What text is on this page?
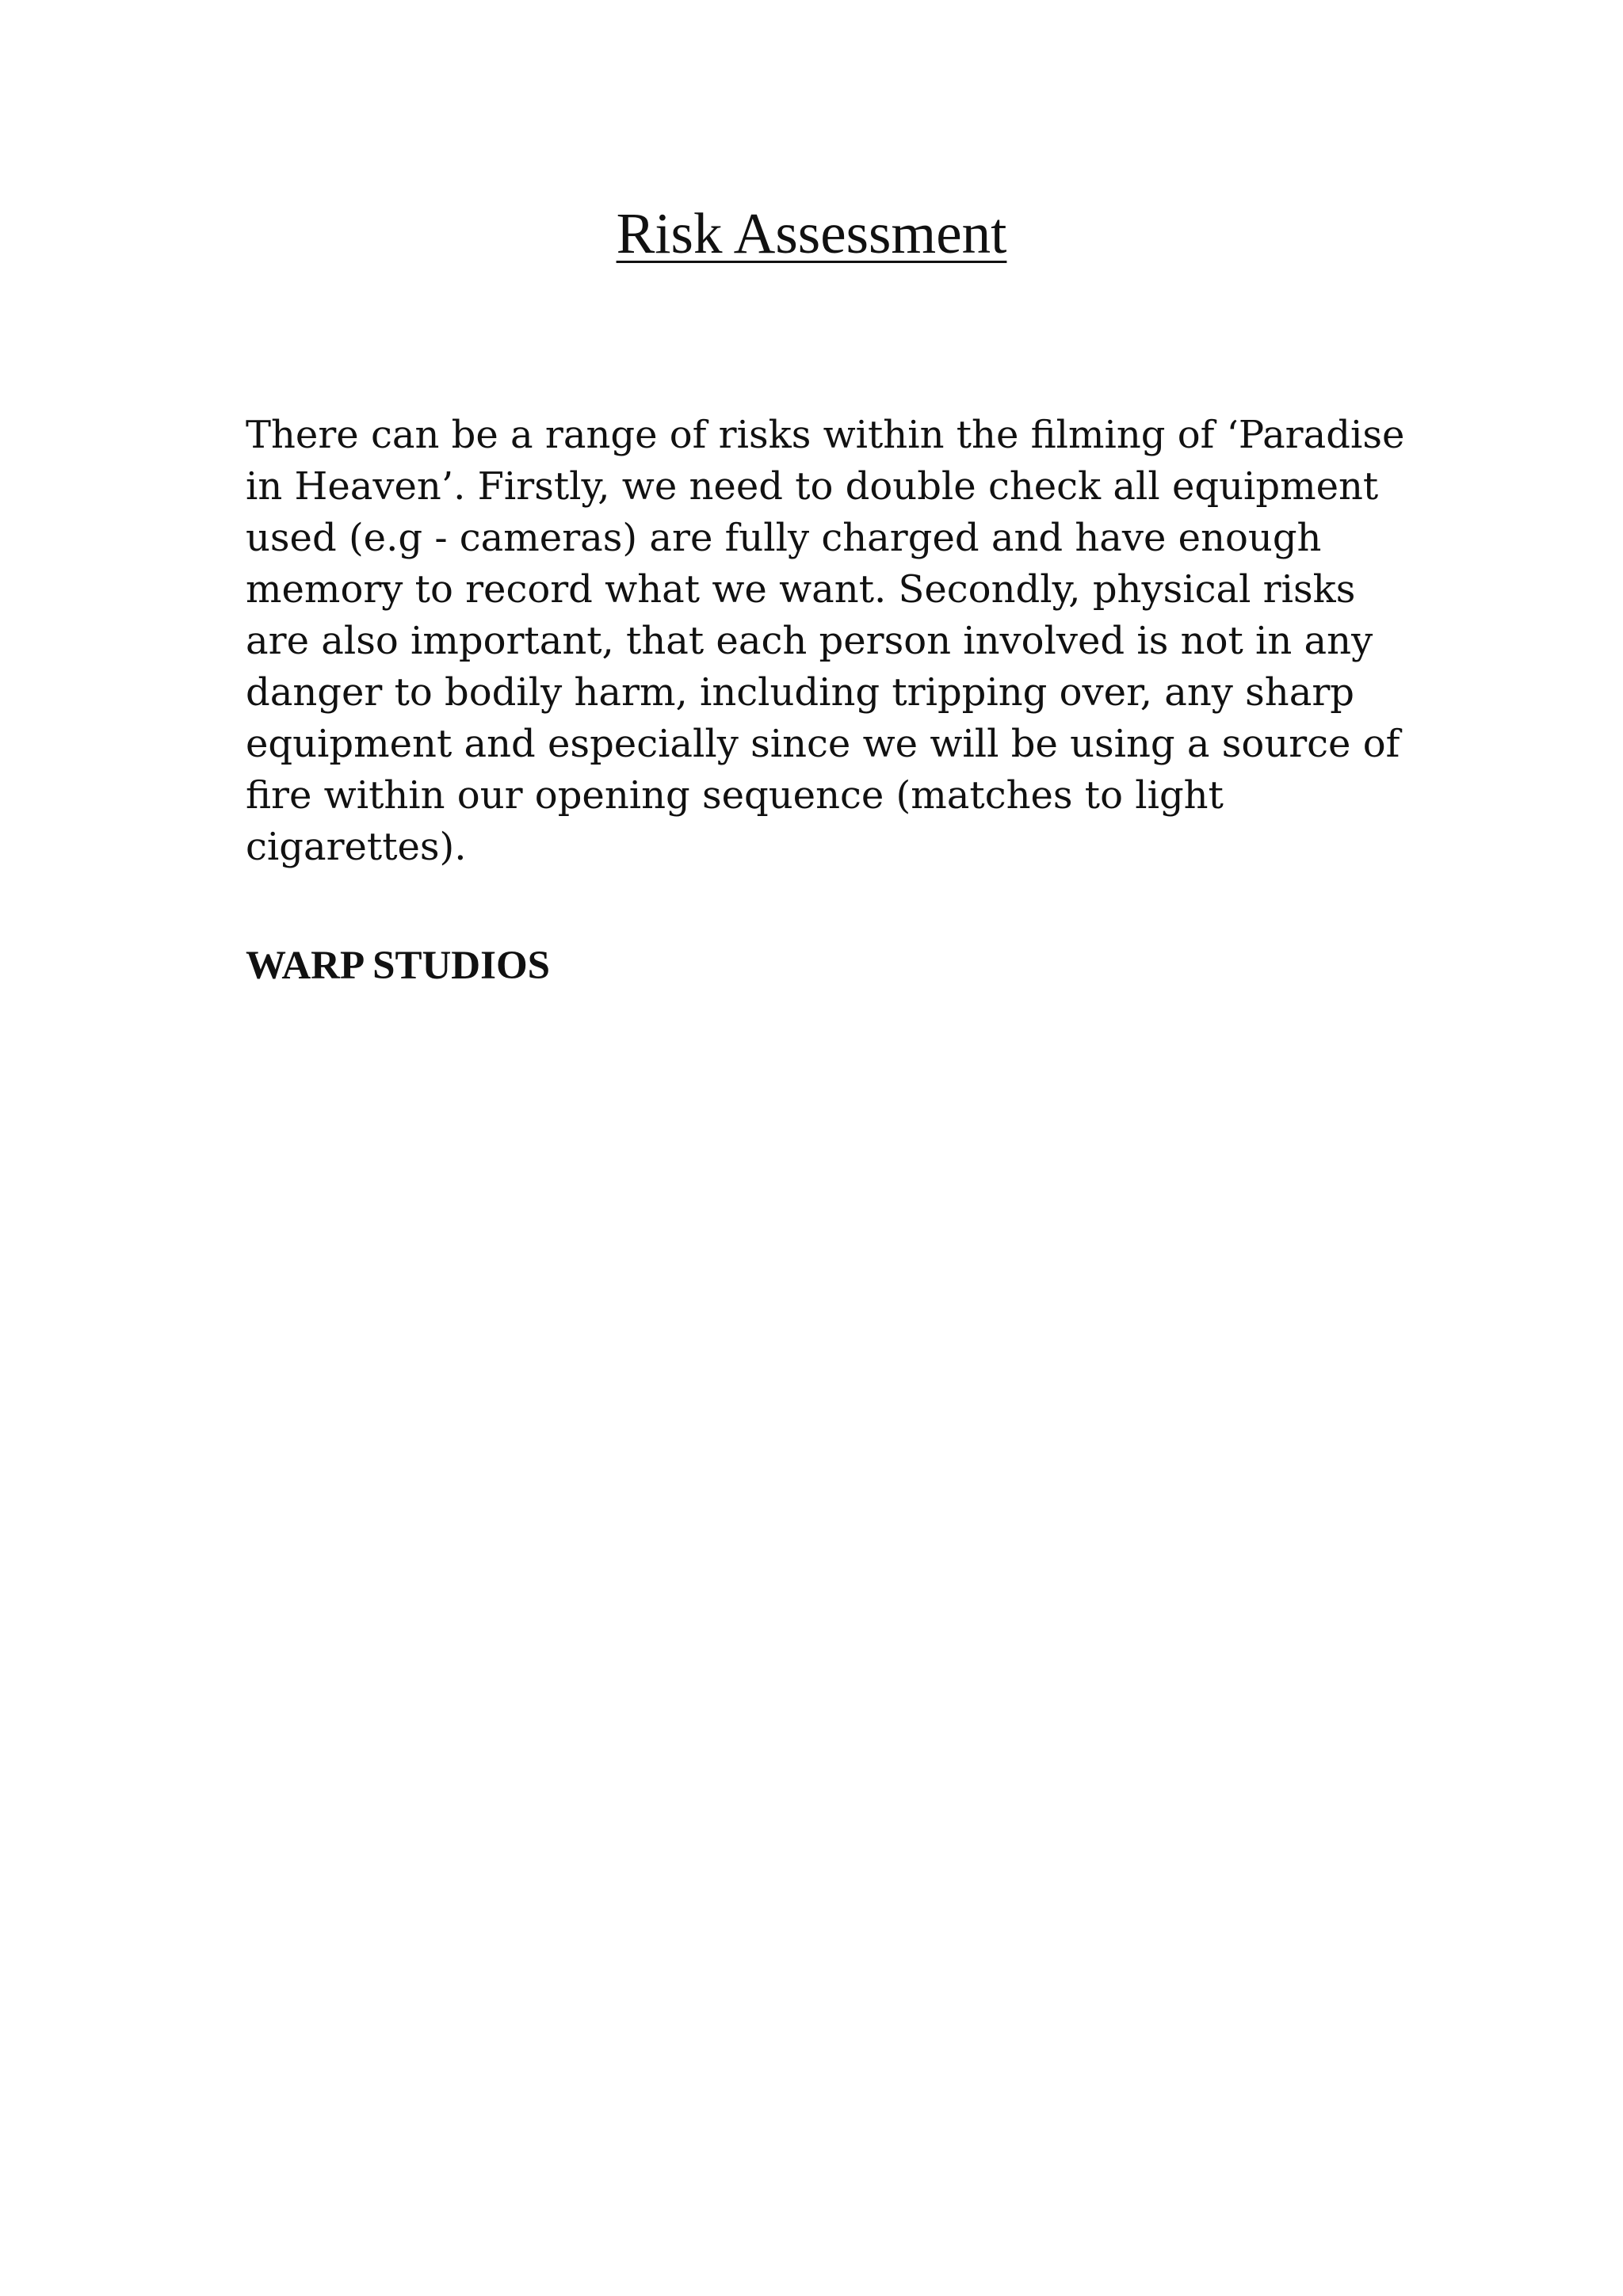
Risk Assessment

There can be a range of risks within the filming of ‘Paradise
in Heaven’. Firstly, we need to double check all equipment
used (e.g - cameras) are fully charged and have enough
memory to record what we want. Secondly, physical risks
are also important, that each person involved is not in any
danger to bodily harm, including tripping over, any sharp
equipment and especially since we will be using a source of
fire within our opening sequence (matches to light
cigarettes).

WARP STUDIOS
